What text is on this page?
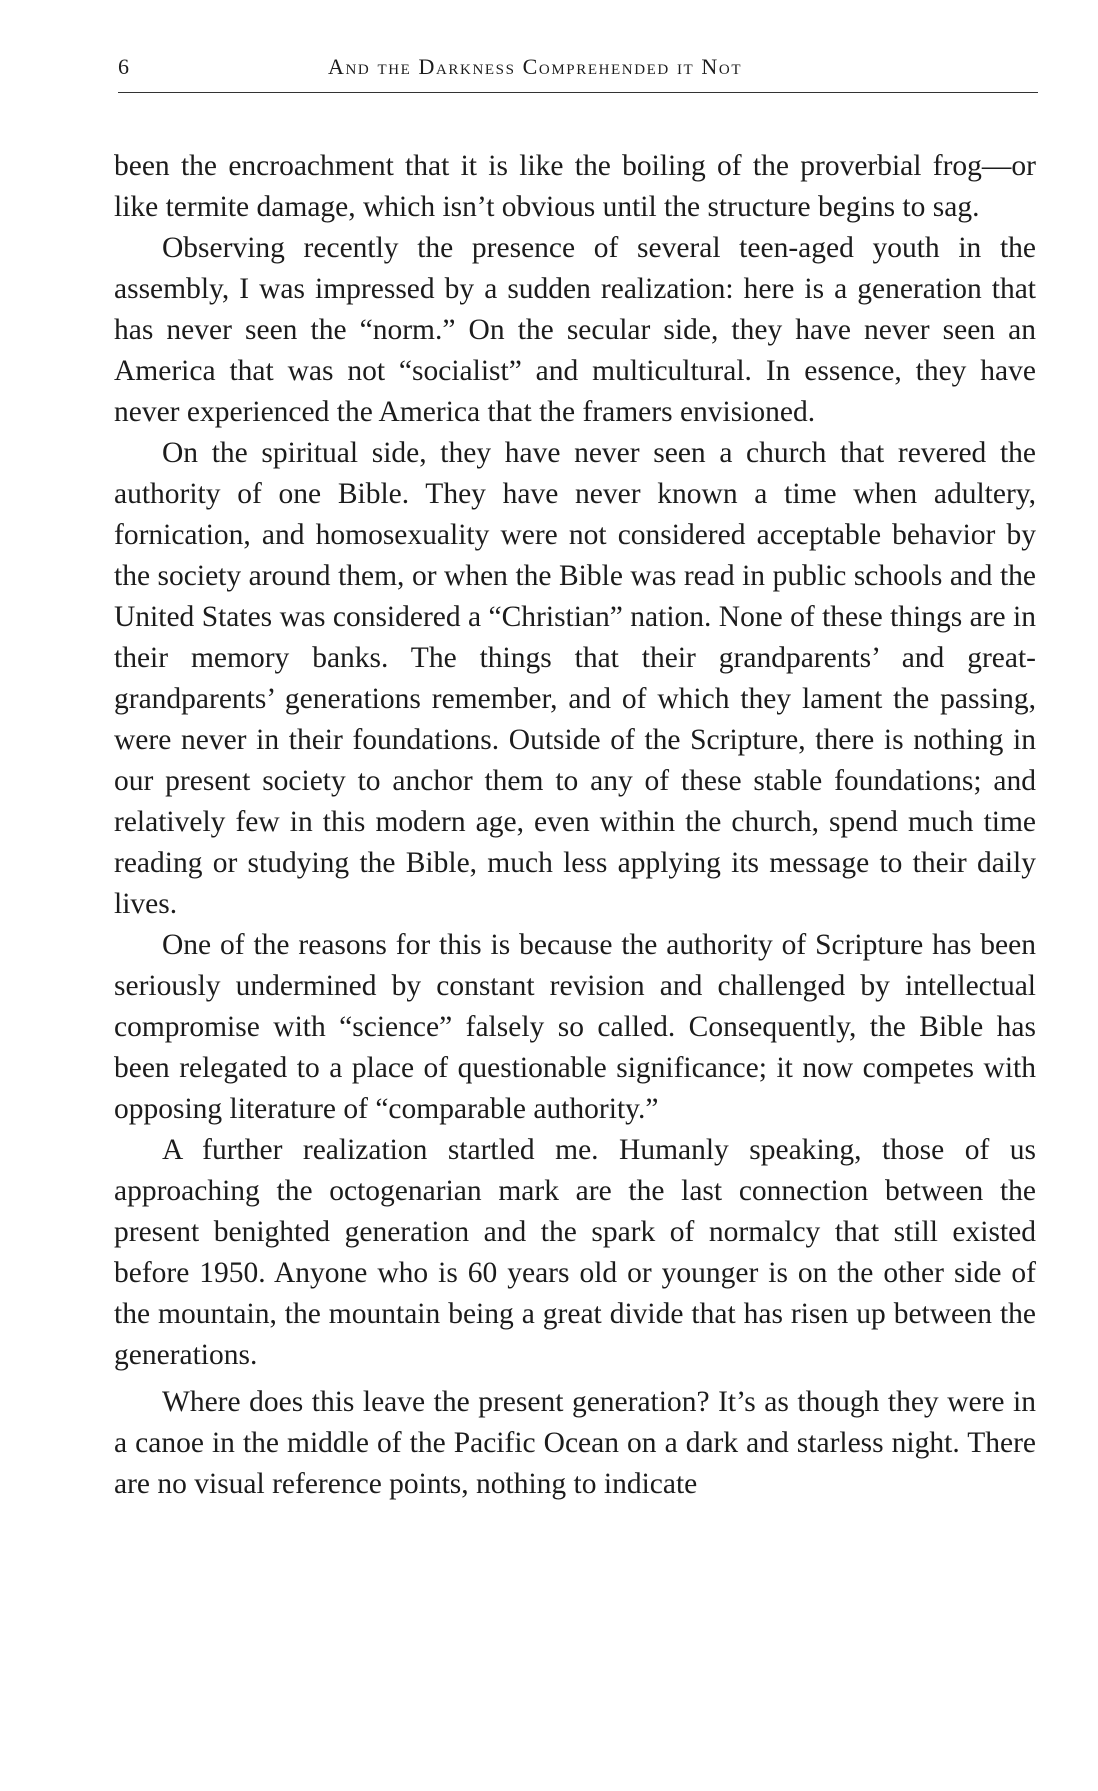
6	And the Darkness Comprehended it Not

been the encroachment that it is like the boiling of the proverbial frog—or like termite damage, which isn’t obvious until the structure begins to sag.

Observing recently the presence of several teen-aged youth in the assembly, I was impressed by a sudden realization: here is a generation that has never seen the “norm.” On the secular side, they have never seen an America that was not “socialist” and multicultural. In essence, they have never experienced the America that the framers envisioned.

On the spiritual side, they have never seen a church that revered the authority of one Bible. They have never known a time when adultery, fornication, and homosexuality were not considered acceptable behavior by the society around them, or when the Bible was read in public schools and the United States was considered a “Christian” nation. None of these things are in their memory banks. The things that their grandparents’ and great-grandparents’ generations remember, and of which they lament the passing, were never in their foundations. Outside of the Scripture, there is nothing in our present society to anchor them to any of these stable foundations; and relatively few in this modern age, even within the church, spend much time reading or studying the Bible, much less applying its message to their daily lives.

One of the reasons for this is because the authority of Scripture has been seriously undermined by constant revision and challenged by intellectual compromise with “science” falsely so called. Consequently, the Bible has been relegated to a place of questionable significance; it now competes with opposing literature of “comparable authority.”

A further realization startled me. Humanly speaking, those of us approaching the octogenarian mark are the last connection between the present benighted generation and the spark of normalcy that still existed before 1950. Anyone who is 60 years old or younger is on the other side of the mountain, the mountain being a great divide that has risen up between the generations.

Where does this leave the present generation? It’s as though they were in a canoe in the middle of the Pacific Ocean on a dark and starless night. There are no visual reference points, nothing to indicate
